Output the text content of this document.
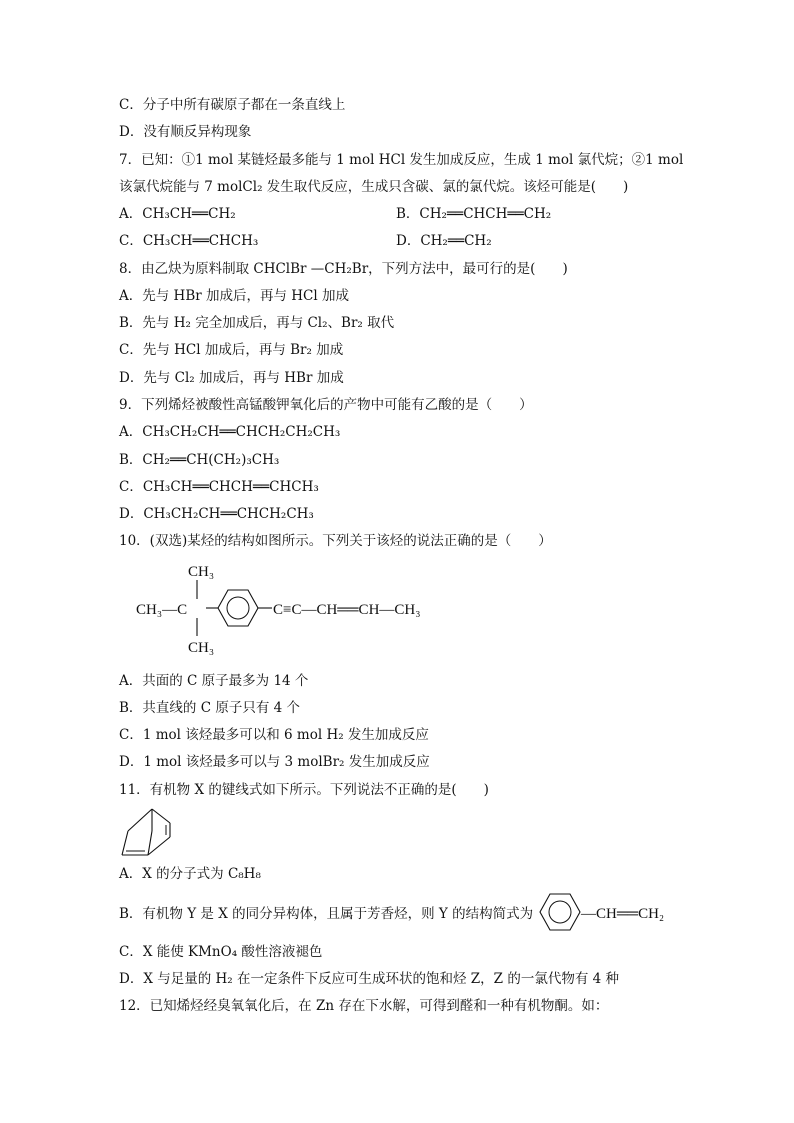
C．分子中所有碳原子都在一条直线上
D．没有顺反异构现象
7．已知：①1 mol 某链烃最多能与 1 mol HCl 发生加成反应，生成 1 mol 氯代烷；②1 mol
该氯代烷能与 7 molCl₂ 发生取代反应，生成只含碳、氯的氯代烷。该烃可能是(　　)
A．CH₃CH══CH₂	B．CH₂══CHCH══CH₂
C．CH₃CH══CHCH₃	D．CH₂══CH₂
8．由乙炔为原料制取 CHClBr —CH₂Br，下列方法中，最可行的是(　　)
A．先与 HBr 加成后，再与 HCl 加成
B．先与 H₂ 完全加成后，再与 Cl₂、Br₂ 取代
C．先与 HCl 加成后，再与 Br₂ 加成
D．先与 Cl₂ 加成后，再与 HBr 加成
9．下列烯烃被酸性高锰酸钾氧化后的产物中可能有乙酸的是（　　）
A．CH₃CH₂CH══CHCH₂CH₂CH₃
B．CH₂══CH(CH₂)₃CH₃
C．CH₃CH══CHCH══CHCH₃
D．CH₃CH₂CH══CHCH₂CH₃
10．(双选)某烃的结构如图所示。下列关于该烃的说法正确的是（　　）
CH₃
CH₃—C
CH₃
C≡C—CH══CH—CH₃
A．共面的 C 原子最多为 14 个
B．共直线的 C 原子只有 4 个
C．1 mol 该烃最多可以和 6 mol H₂ 发生加成反应
D．1 mol 该烃最多可以与 3 molBr₂ 发生加成反应
11．有机物 X 的键线式如下所示。下列说法不正确的是(　　)
A．X 的分子式为 C₈H₈
B．有机物 Y 是 X 的同分异构体，且属于芳香烃，则 Y 的结构简式为	—CH══CH₂
C．X 能使 KMnO₄ 酸性溶液褪色
D．X 与足量的 H₂ 在一定条件下反应可生成环状的饱和烃 Z，Z 的一氯代物有 4 种
12．已知烯烃经臭氧氧化后，在 Zn 存在下水解，可得到醛和一种有机物酮。如：
